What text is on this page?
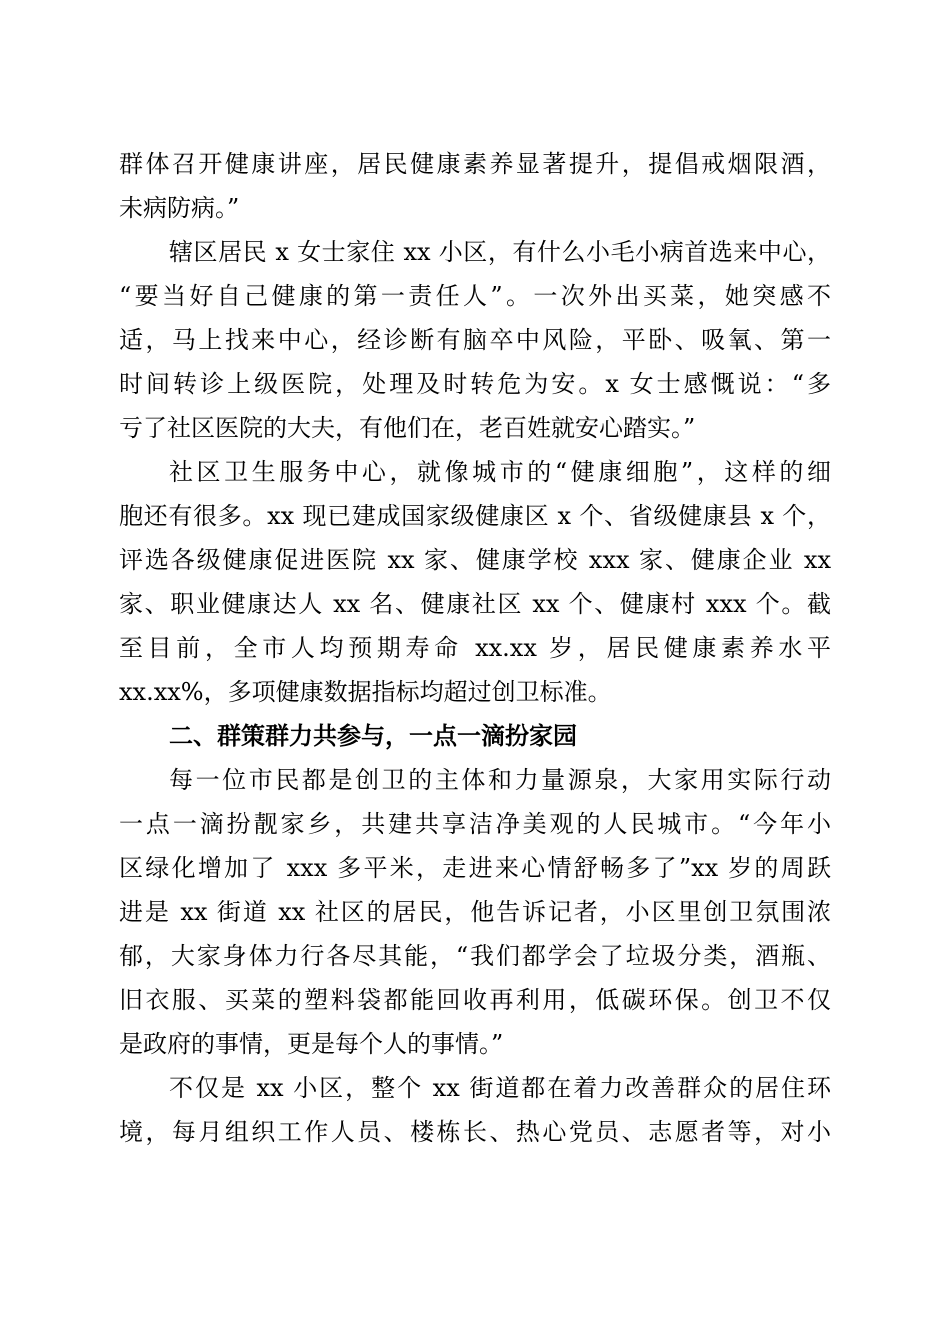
群体召开健康讲座，居民健康素养显著提升，提倡戒烟限酒，
未病防病。”
辖区居民 x 女士家住 xx 小区，有什么小毛小病首选来中心，
“要当好自己健康的第一责任人”。一次外出买菜，她突感不
适，马上找来中心，经诊断有脑卒中风险，平卧、吸氧、第一
时间转诊上级医院，处理及时转危为安。x 女士感慨说：“多
亏了社区医院的大夫，有他们在，老百姓就安心踏实。”
社区卫生服务中心，就像城市的“健康细胞”，这样的细
胞还有很多。xx 现已建成国家级健康区 x 个、省级健康县 x 个，
评选各级健康促进医院 xx 家、健康学校 xxx 家、健康企业 xx
家、职业健康达人 xx 名、健康社区 xx 个、健康村 xxx 个。截
至目前，全市人均预期寿命 xx.xx 岁，居民健康素养水平
xx.xx%，多项健康数据指标均超过创卫标准。
二、群策群力共参与，一点一滴扮家园
每一位市民都是创卫的主体和力量源泉，大家用实际行动
一点一滴扮靓家乡，共建共享洁净美观的人民城市。“今年小
区绿化增加了 xxx 多平米，走进来心情舒畅多了”xx 岁的周跃
进是 xx 街道 xx 社区的居民，他告诉记者，小区里创卫氛围浓
郁，大家身体力行各尽其能，“我们都学会了垃圾分类，酒瓶、
旧衣服、买菜的塑料袋都能回收再利用，低碳环保。创卫不仅
是政府的事情，更是每个人的事情。”
不仅是 xx 小区，整个 xx 街道都在着力改善群众的居住环
境，每月组织工作人员、楼栋长、热心党员、志愿者等，对小
